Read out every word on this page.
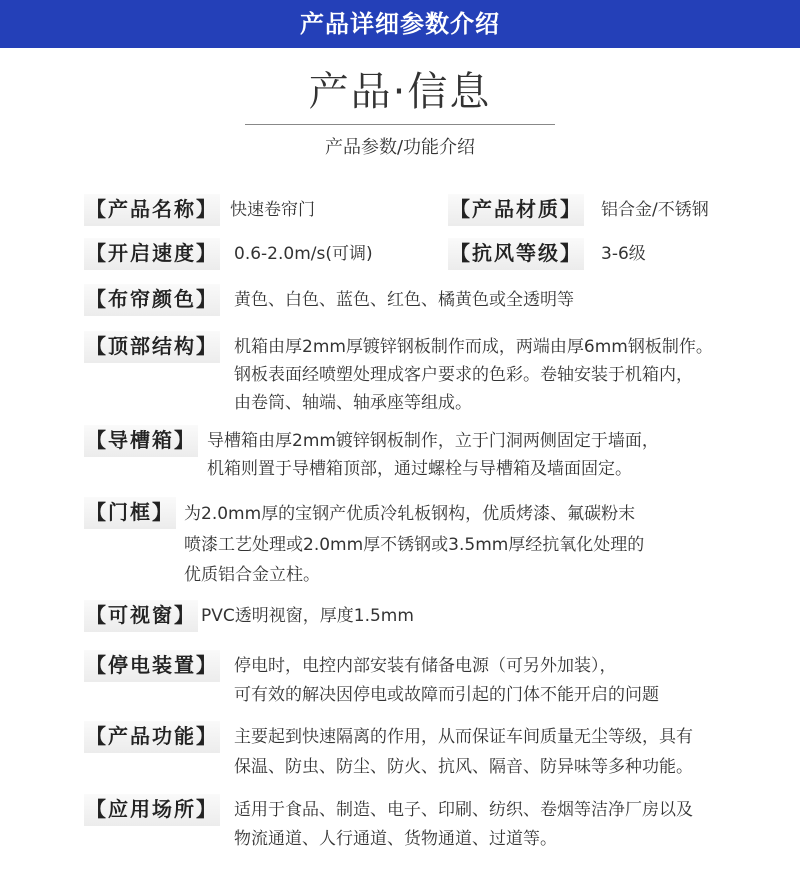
产品详细参数介绍
产品·信息
产品参数/功能介绍
【产品名称】 快速卷帘门	【产品材质】 铝合金/不锈钢
【开启速度】 0.6-2.0m/s(可调)	【抗风等级】 3-6级
【布帘颜色】 黄色、白色、蓝色、红色、橘黄色或全透明等
【顶部结构】 机箱由厚2mm厚镀锌钢板制作而成，两端由厚6mm钢板制作。
钢板表面经喷塑处理成客户要求的色彩。卷轴安装于机箱内，
由卷筒、轴端、轴承座等组成。
【导槽箱】 导槽箱由厚2mm镀锌钢板制作，立于门洞两侧固定于墙面，
机箱则置于导槽箱顶部，通过螺栓与导槽箱及墙面固定。
【门框】 为2.0mm厚的宝钢产优质冷轧板钢构，优质烤漆、氟碳粉末
喷漆工艺处理或2.0mm厚不锈钢或3.5mm厚经抗氧化处理的
优质铝合金立柱。
【可视窗】 PVC透明视窗，厚度1.5mm
【停电装置】 停电时，电控内部安装有储备电源（可另外加装），
可有效的解决因停电或故障而引起的门体不能开启的问题
【产品功能】 主要起到快速隔离的作用，从而保证车间质量无尘等级，具有
保温、防虫、防尘、防火、抗风、隔音、防异味等多种功能。
【应用场所】 适用于食品、制造、电子、印刷、纺织、卷烟等洁净厂房以及
物流通道、人行通道、货物通道、过道等。
